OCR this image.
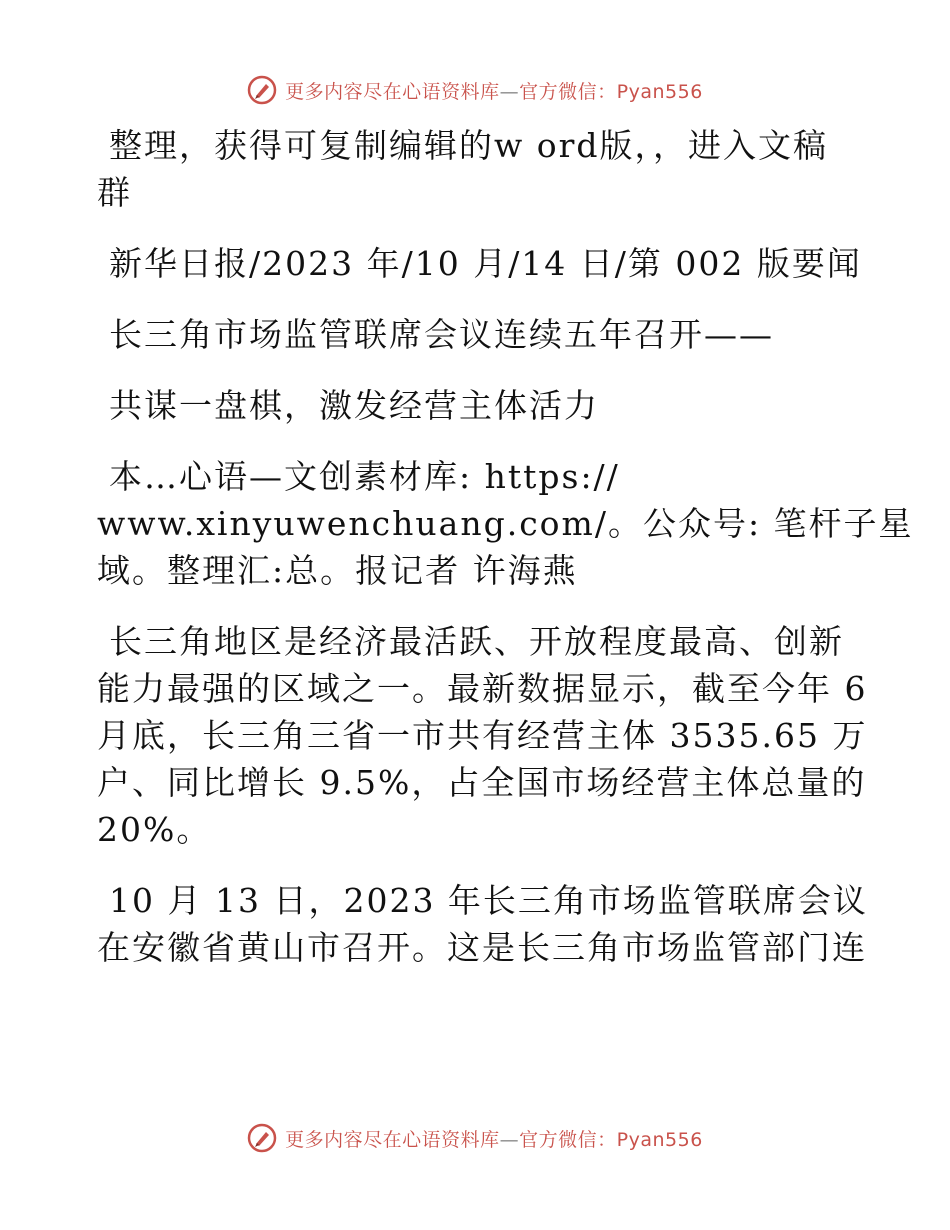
更多内容尽在心语资料库—官方微信：Pyan556
整理，获得可复制编辑的w ord版，，进入文稿
群
新华日报/2023 年/10 月/14 日/第 002 版要闻
长三角市场监管联席会议连续五年召开——
共谋一盘棋，激发经营主体活力
本…心语—文创素材库: https://
www.xinyuwenchuang.com/。公众号: 笔杆子星
域。整理汇:总。报记者 许海燕
长三角地区是经济最活跃、开放程度最高、创新
能力最强的区域之一。最新数据显示，截至今年 6
月底，长三角三省一市共有经营主体 3535.65 万
户、同比增长 9.5%，占全国市场经营主体总量的
20%。
10 月 13 日，2023 年长三角市场监管联席会议
在安徽省黄山市召开。这是长三角市场监管部门连
更多内容尽在心语资料库—官方微信：Pyan556
